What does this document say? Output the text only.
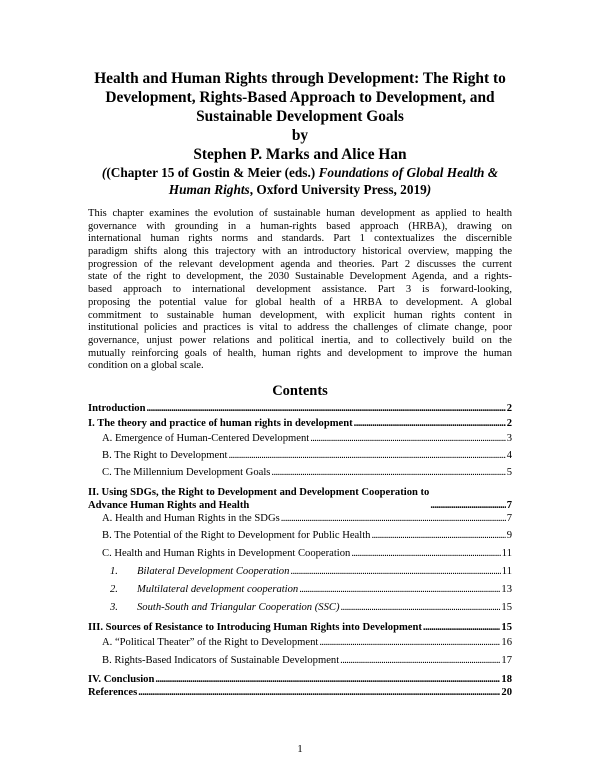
Health and Human Rights through Development: The Right to
Development, Rights-Based Approach to Development, and
Sustainable Development Goals
by
Stephen P. Marks and Alice Han
((Chapter 15 of Gostin & Meier (eds.) Foundations of Global Health &
Human Rights, Oxford University Press, 2019)
This chapter examines the evolution of sustainable human development as applied to health
governance with grounding in a human-rights based approach (HRBA), drawing on
international human rights norms and standards. Part 1 contextualizes the discernible
paradigm shifts along this trajectory with an introductory historical overview, mapping the
progression of the relevant development agenda and theories. Part 2 discusses the current
state of the right to development, the 2030 Sustainable Development Agenda, and a rights-
based approach to international development assistance. Part 3 is forward-looking,
proposing the potential value for global health of a HRBA to development. A global
commitment to sustainable human development, with explicit human rights content in
institutional policies and practices is vital to address the challenges of climate change, poor
governance, unjust power relations and political inertia, and to collectively build on the
mutually reinforcing goals of health, human rights and development to improve the human
condition on a global scale.
Contents
Introduction .....	2
I. The theory and practice of human rights in development .....	2
A. Emergence of Human-Centered Development .....	3
B. The Right to Development .....	4
C. The Millennium Development Goals .....	5
II. Using SDGs, the Right to Development and Development Cooperation to
Advance Human Rights and Health .....	7
A. Health and Human Rights in the SDGs .....	7
B. The Potential of the Right to Development for Public Health .....	9
C. Health and Human Rights in Development Cooperation .....	11
1. Bilateral Development Cooperation .....	11
2. Multilateral development cooperation .....	13
3. South-South and Triangular Cooperation (SSC) .....	15
III. Sources of Resistance to Introducing Human Rights into Development .....	15
A. “Political Theater” of the Right to Development .....	16
B. Rights-Based Indicators of Sustainable Development .....	17
IV. Conclusion .....	18
References .....	20
1
